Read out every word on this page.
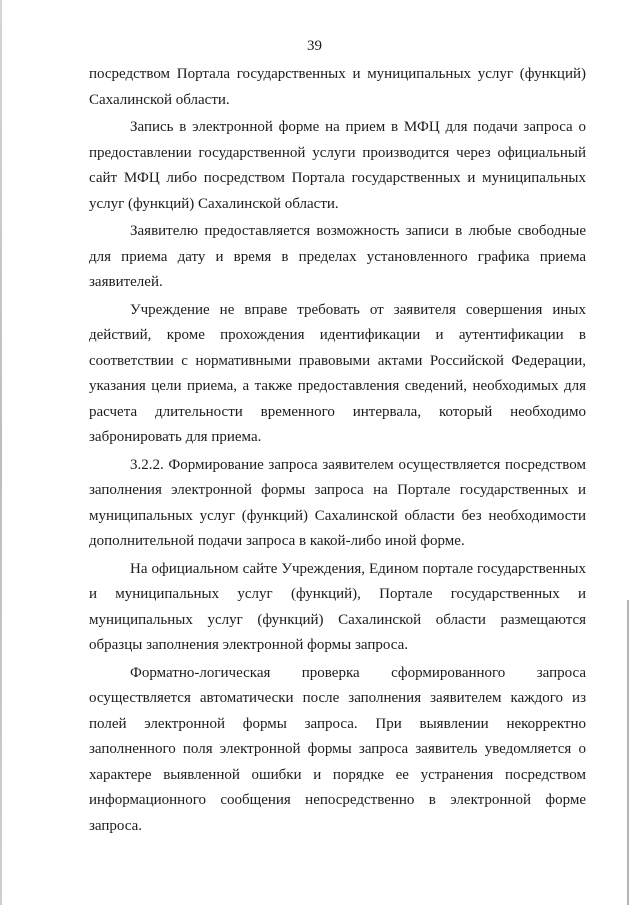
39

посредством Портала государственных и муниципальных услуг (функций) Сахалинской области.

Запись в электронной форме на прием в МФЦ для подачи запроса о предоставлении государственной услуги производится через официальный сайт МФЦ либо посредством Портала государственных и муниципальных услуг (функций) Сахалинской области.

Заявителю предоставляется возможность записи в любые свободные для приема дату и время в пределах установленного графика приема заявителей.

Учреждение не вправе требовать от заявителя совершения иных действий, кроме прохождения идентификации и аутентификации в соответствии с нормативными правовыми актами Российской Федерации, указания цели приема, а также предоставления сведений, необходимых для расчета длительности временного интервала, который необходимо забронировать для приема.

3.2.2. Формирование запроса заявителем осуществляется посредством заполнения электронной формы запроса на Портале государственных и муниципальных услуг (функций) Сахалинской области без необходимости дополнительной подачи запроса в какой-либо иной форме.

На официальном сайте Учреждения, Едином портале государственных и муниципальных услуг (функций), Портале государственных и муниципальных услуг (функций) Сахалинской области размещаются образцы заполнения электронной формы запроса.

Форматно-логическая проверка сформированного запроса осуществляется автоматически после заполнения заявителем каждого из полей электронной формы запроса. При выявлении некорректно заполненного поля электронной формы запроса заявитель уведомляется о характере выявленной ошибки и порядке ее устранения посредством информационного сообщения непосредственно в электронной форме запроса.
